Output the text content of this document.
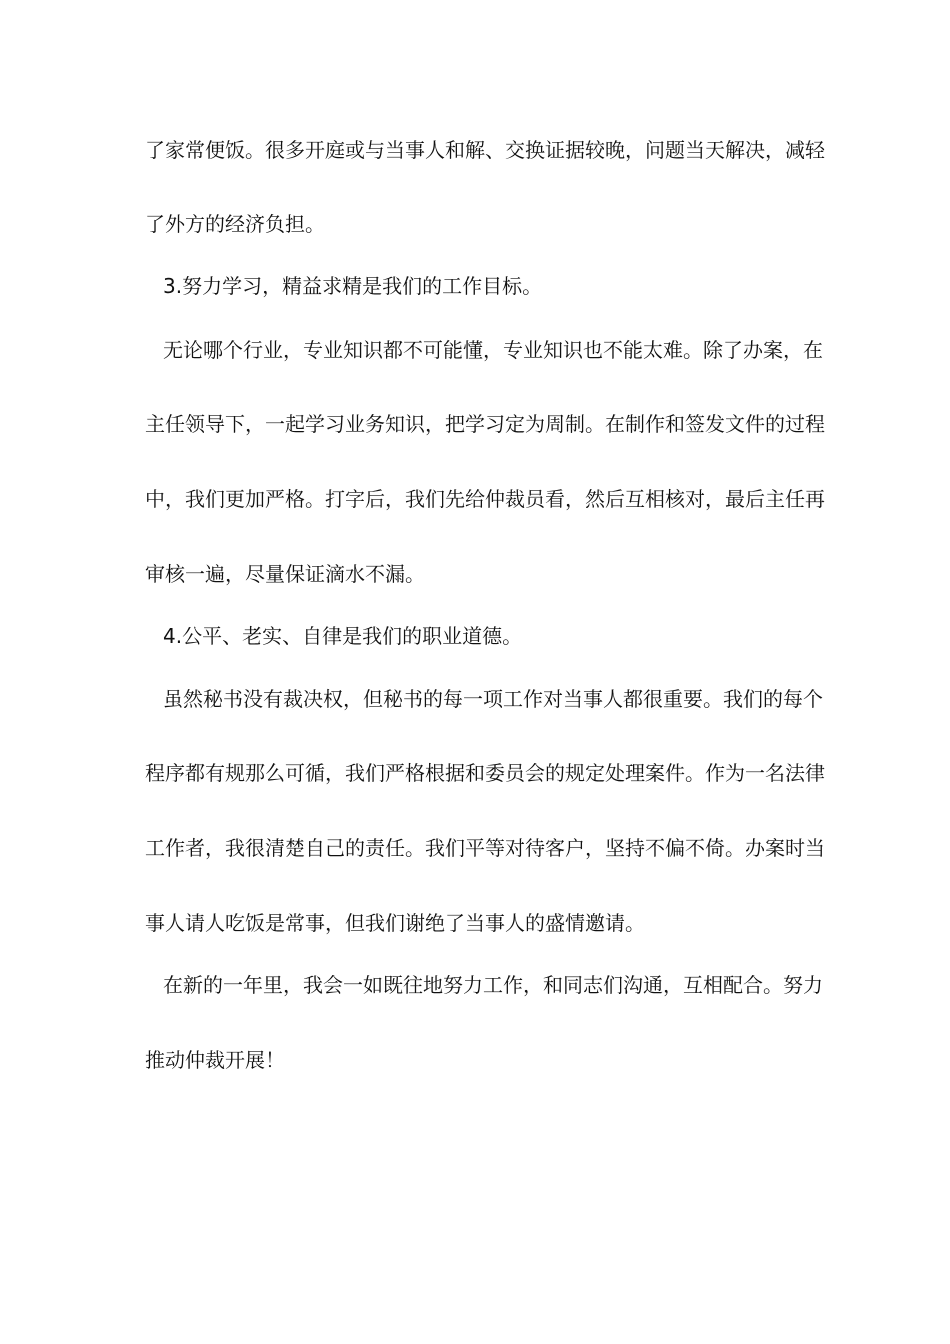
了家常便饭。很多开庭或与当事人和解、交换证据较晚，问题当天解决，减轻
了外方的经济负担。
3.努力学习，精益求精是我们的工作目标。
无论哪个行业，专业知识都不可能懂，专业知识也不能太难。除了办案，在
主任领导下，一起学习业务知识，把学习定为周制。在制作和签发文件的过程
中，我们更加严格。打字后，我们先给仲裁员看，然后互相核对，最后主任再
审核一遍，尽量保证滴水不漏。
4.公平、老实、自律是我们的职业道德。
虽然秘书没有裁决权，但秘书的每一项工作对当事人都很重要。我们的每个
程序都有规那么可循，我们严格根据和委员会的规定处理案件。作为一名法律
工作者，我很清楚自己的责任。我们平等对待客户，坚持不偏不倚。办案时当
事人请人吃饭是常事，但我们谢绝了当事人的盛情邀请。
在新的一年里，我会一如既往地努力工作，和同志们沟通，互相配合。努力
推动仲裁开展！
